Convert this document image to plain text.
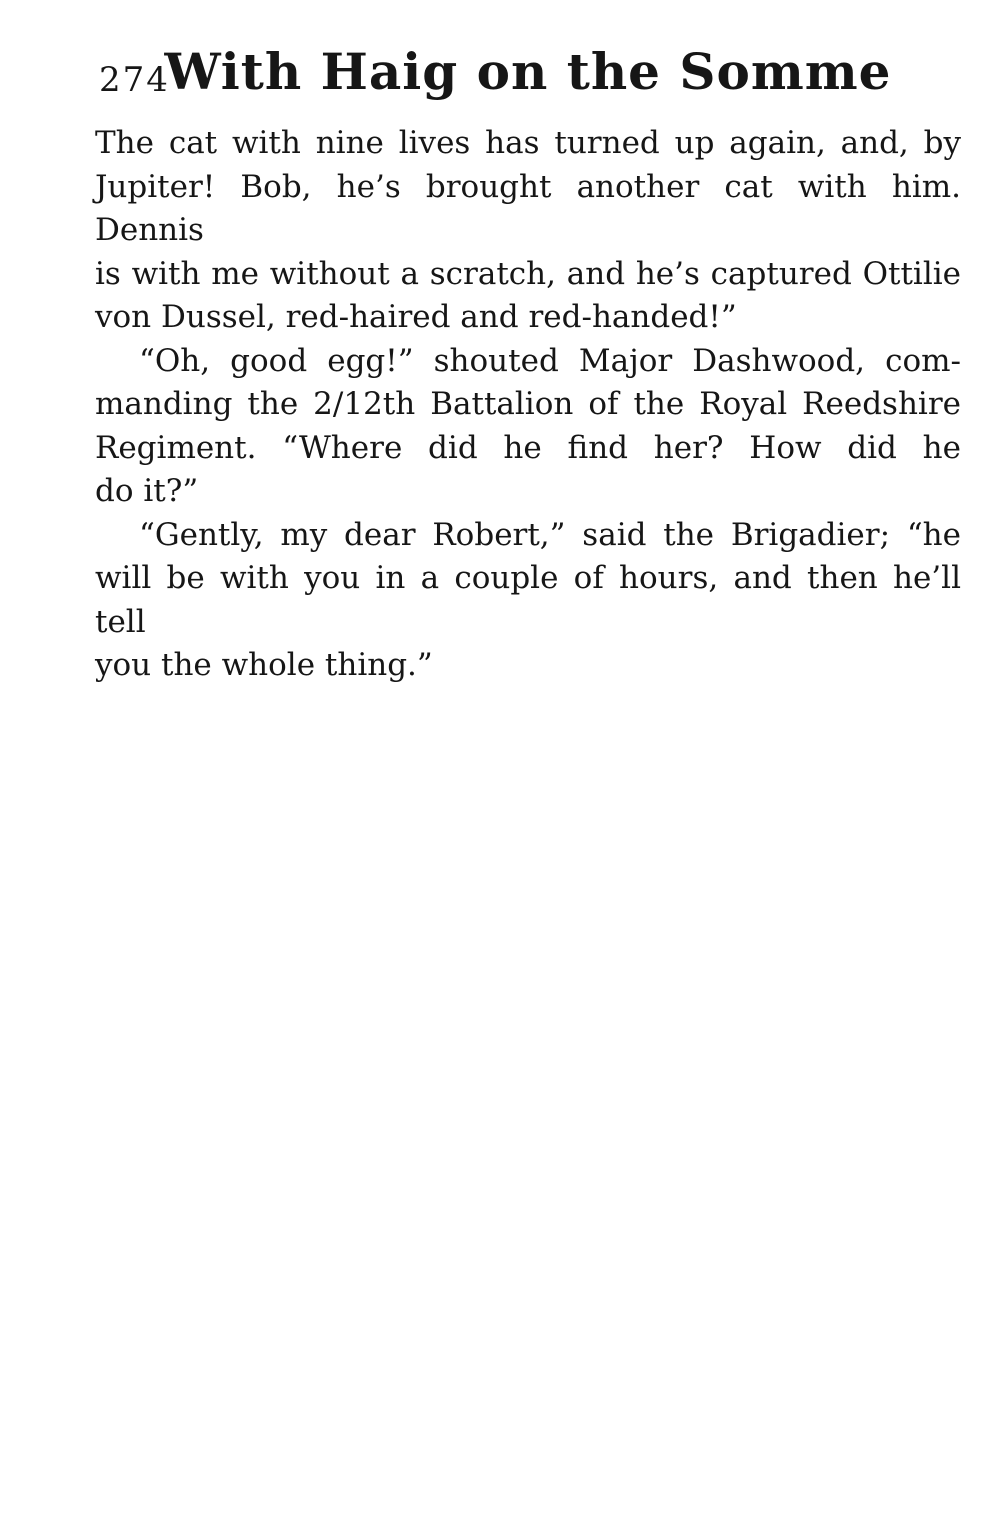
274
With Haig on the Somme
The cat with nine lives has turned up again, and, by
Jupiter! Bob, he’s brought another cat with him. Dennis
is with me without a scratch, and he’s captured Ottilie
von Dussel, red-haired and red-handed!”
“Oh, good egg!” shouted Major Dashwood, com-
manding the 2/12th Battalion of the Royal Reedshire
Regiment. “Where did he find her? How did he
do it?”
“Gently, my dear Robert,” said the Brigadier; “he
will be with you in a couple of hours, and then he’ll tell
you the whole thing.”
